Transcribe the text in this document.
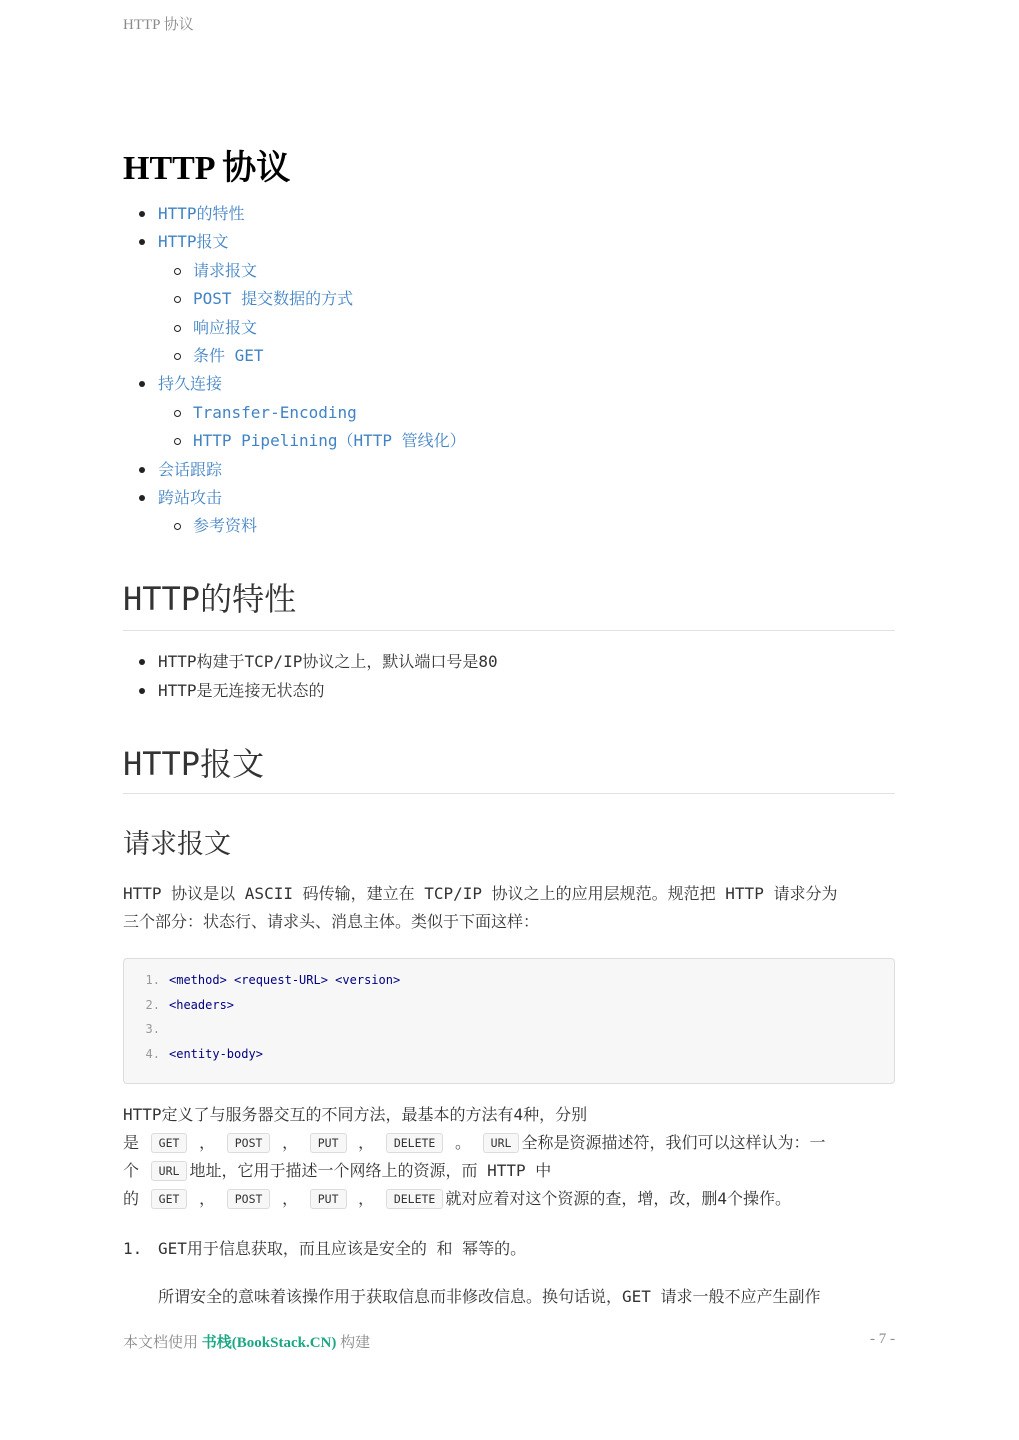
HTTP 协议
HTTP 协议
HTTP的特性
HTTP报文
请求报文
POST 提交数据的方式
响应报文
条件 GET
持久连接
Transfer-Encoding
HTTP Pipelining（HTTP 管线化）
会话跟踪
跨站攻击
参考资料
HTTP的特性
HTTP构建于TCP/IP协议之上，默认端口号是80
HTTP是无连接无状态的
HTTP报文
请求报文
HTTP 协议是以 ASCII 码传输，建立在 TCP/IP 协议之上的应用层规范。规范把 HTTP 请求分为
三个部分：状态行、请求头、消息主体。类似于下面这样：
1. <method> <request-URL> <version>
2. <headers>
3.
4. <entity-body>
HTTP定义了与服务器交互的不同方法，最基本的方法有4种，分别
是 GET ， POST ， PUT ， DELETE 。 URL 全称是资源描述符，我们可以这样认为：一
个 URL 地址，它用于描述一个网络上的资源，而 HTTP 中
的 GET ， POST ， PUT ， DELETE 就对应着对这个资源的查，增，改，删4个操作。
1. GET用于信息获取，而且应该是安全的 和 幂等的。
所谓安全的意味着该操作用于获取信息而非修改信息。换句话说，GET 请求一般不应产生副作
本文档使用 书栈(BookStack.CN) 构建	- 7 -
